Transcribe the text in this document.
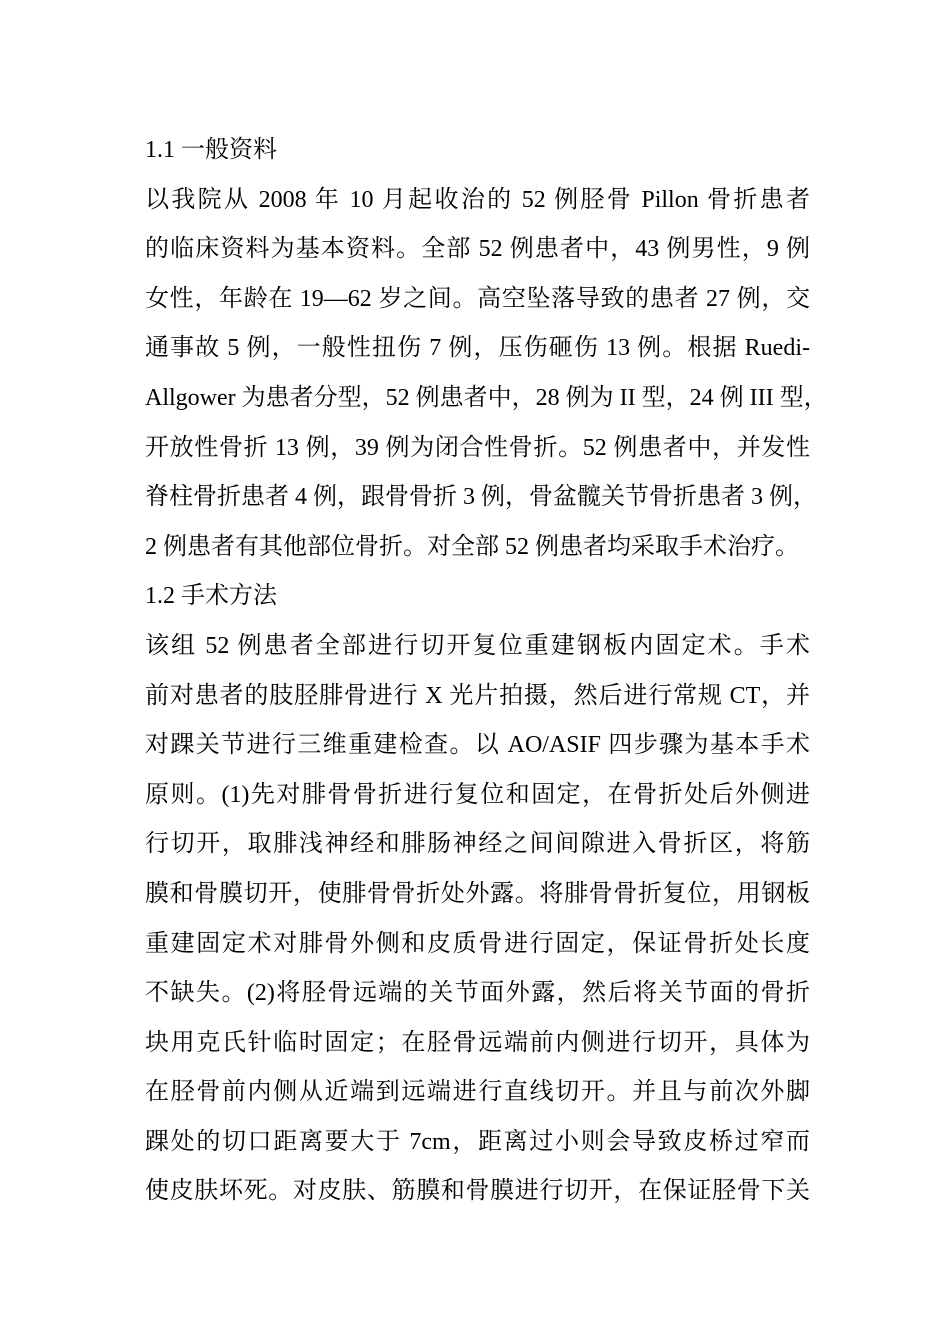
1.1 一般资料
以我院从 2008 年 10 月起收治的 52 例胫骨 Pillon 骨折患者
的临床资料为基本资料。全部 52 例患者中，43 例男性，9 例
女性，年龄在 19—62 岁之间。高空坠落导致的患者 27 例，交
通事故 5 例，一般性扭伤 7 例，压伤砸伤 13 例。根据 Ruedi-
Allgower 为患者分型，52 例患者中，28 例为 II 型，24 例 III 型，
开放性骨折 13 例，39 例为闭合性骨折。52 例患者中，并发性
脊柱骨折患者 4 例，跟骨骨折 3 例，骨盆髋关节骨折患者 3 例，
2 例患者有其他部位骨折。对全部 52 例患者均采取手术治疗。
1.2 手术方法
该组 52 例患者全部进行切开复位重建钢板内固定术。手术
前对患者的肢胫腓骨进行 X 光片拍摄，然后进行常规 CT，并
对踝关节进行三维重建检查。以 AO/ASIF 四步骤为基本手术
原则。(1)先对腓骨骨折进行复位和固定，在骨折处后外侧进
行切开，取腓浅神经和腓肠神经之间间隙进入骨折区，将筋
膜和骨膜切开，使腓骨骨折处外露。将腓骨骨折复位，用钢板
重建固定术对腓骨外侧和皮质骨进行固定，保证骨折处长度
不缺失。(2)将胫骨远端的关节面外露，然后将关节面的骨折
块用克氏针临时固定；在胫骨远端前内侧进行切开，具体为
在胫骨前内侧从近端到远端进行直线切开。并且与前次外脚
踝处的切口距离要大于 7cm，距离过小则会导致皮桥过窄而
使皮肤坏死。对皮肤、筋膜和骨膜进行切开，在保证胫骨下关
